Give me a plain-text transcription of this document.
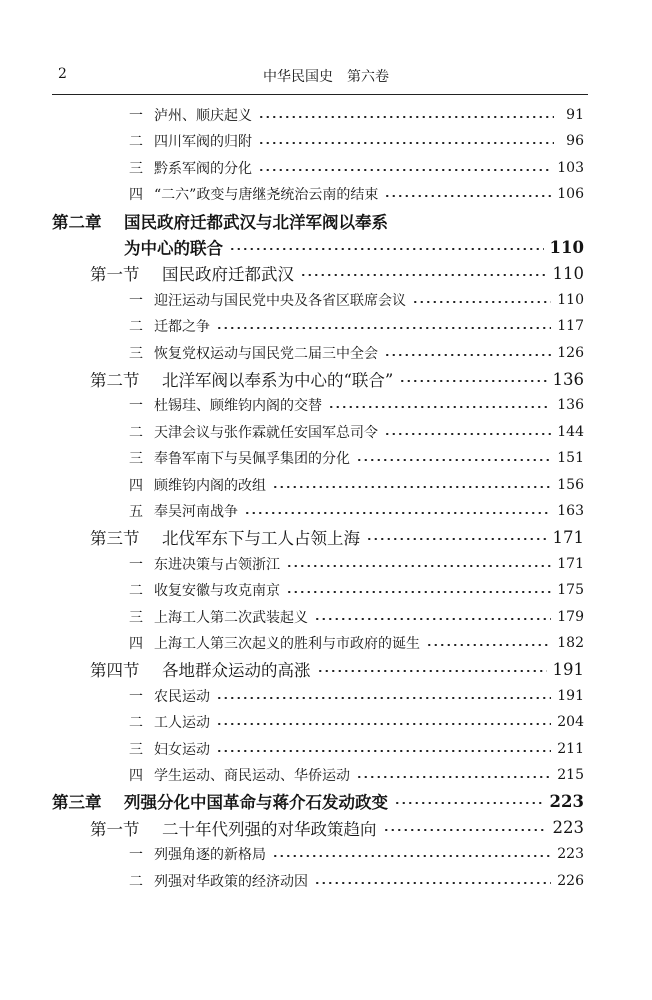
2	中华民国史　第六卷
一 泸州、顺庆起义	91
二 四川军阀的归附	96
三 黔系军阀的分化	103
四 “二六”政变与唐继尧统治云南的结束	106
第二章	国民政府迁都武汉与北洋军阀以奉系
为中心的联合	110
第一节	国民政府迁都武汉	110
一 迎汪运动与国民党中央及各省区联席会议	110
二 迁都之争	117
三 恢复党权运动与国民党二届三中全会	126
第二节	北洋军阀以奉系为中心的“联合”	136
一 杜锡珪、顾维钧内阁的交替	136
二 天津会议与张作霖就任安国军总司令	144
三 奉鲁军南下与吴佩孚集团的分化	151
四 顾维钧内阁的改组	156
五 奉吴河南战争	163
第三节	北伐军东下与工人占领上海	171
一 东进决策与占领浙江	171
二 收复安徽与攻克南京	175
三 上海工人第二次武装起义	179
四 上海工人第三次起义的胜利与市政府的诞生	182
第四节	各地群众运动的高涨	191
一 农民运动	191
二 工人运动	204
三 妇女运动	211
四 学生运动、商民运动、华侨运动	215
第三章	列强分化中国革命与蒋介石发动政变	223
第一节	二十年代列强的对华政策趋向	223
一 列强角逐的新格局	223
二 列强对华政策的经济动因	226
